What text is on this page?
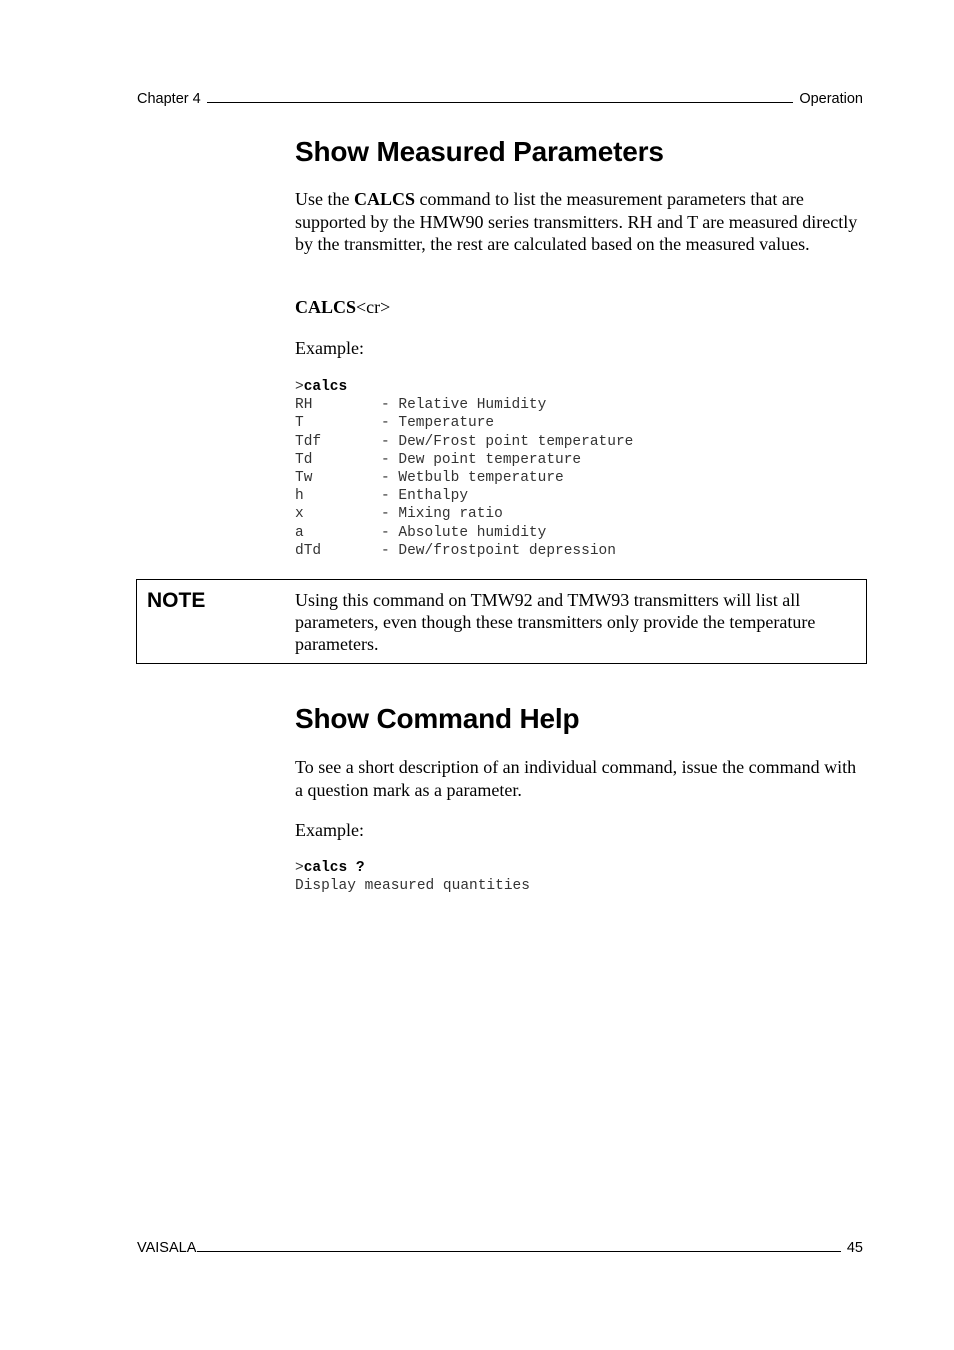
Chapter 4	Operation
Show Measured Parameters

Use the CALCS command to list the measurement parameters that are supported by the HMW90 series transmitters. RH and T are measured directly by the transmitter, the rest are calculated based on the measured values.

CALCS<cr>

Example:

> calcs
RH	- Relative Humidity
T	- Temperature
Tdf	- Dew/Frost point temperature
Td	- Dew point temperature
Tw	- Wetbulb temperature
h	- Enthalpy
x	- Mixing ratio
a	- Absolute humidity
dTd	- Dew/frostpoint depression
NOTE	Using this command on TMW92 and TMW93 transmitters will list all parameters, even though these transmitters only provide the temperature parameters.
Show Command Help

To see a short description of an individual command, issue the command with a question mark as a parameter.

Example:

> calcs ?
Display measured quantities
VAISALA	45
